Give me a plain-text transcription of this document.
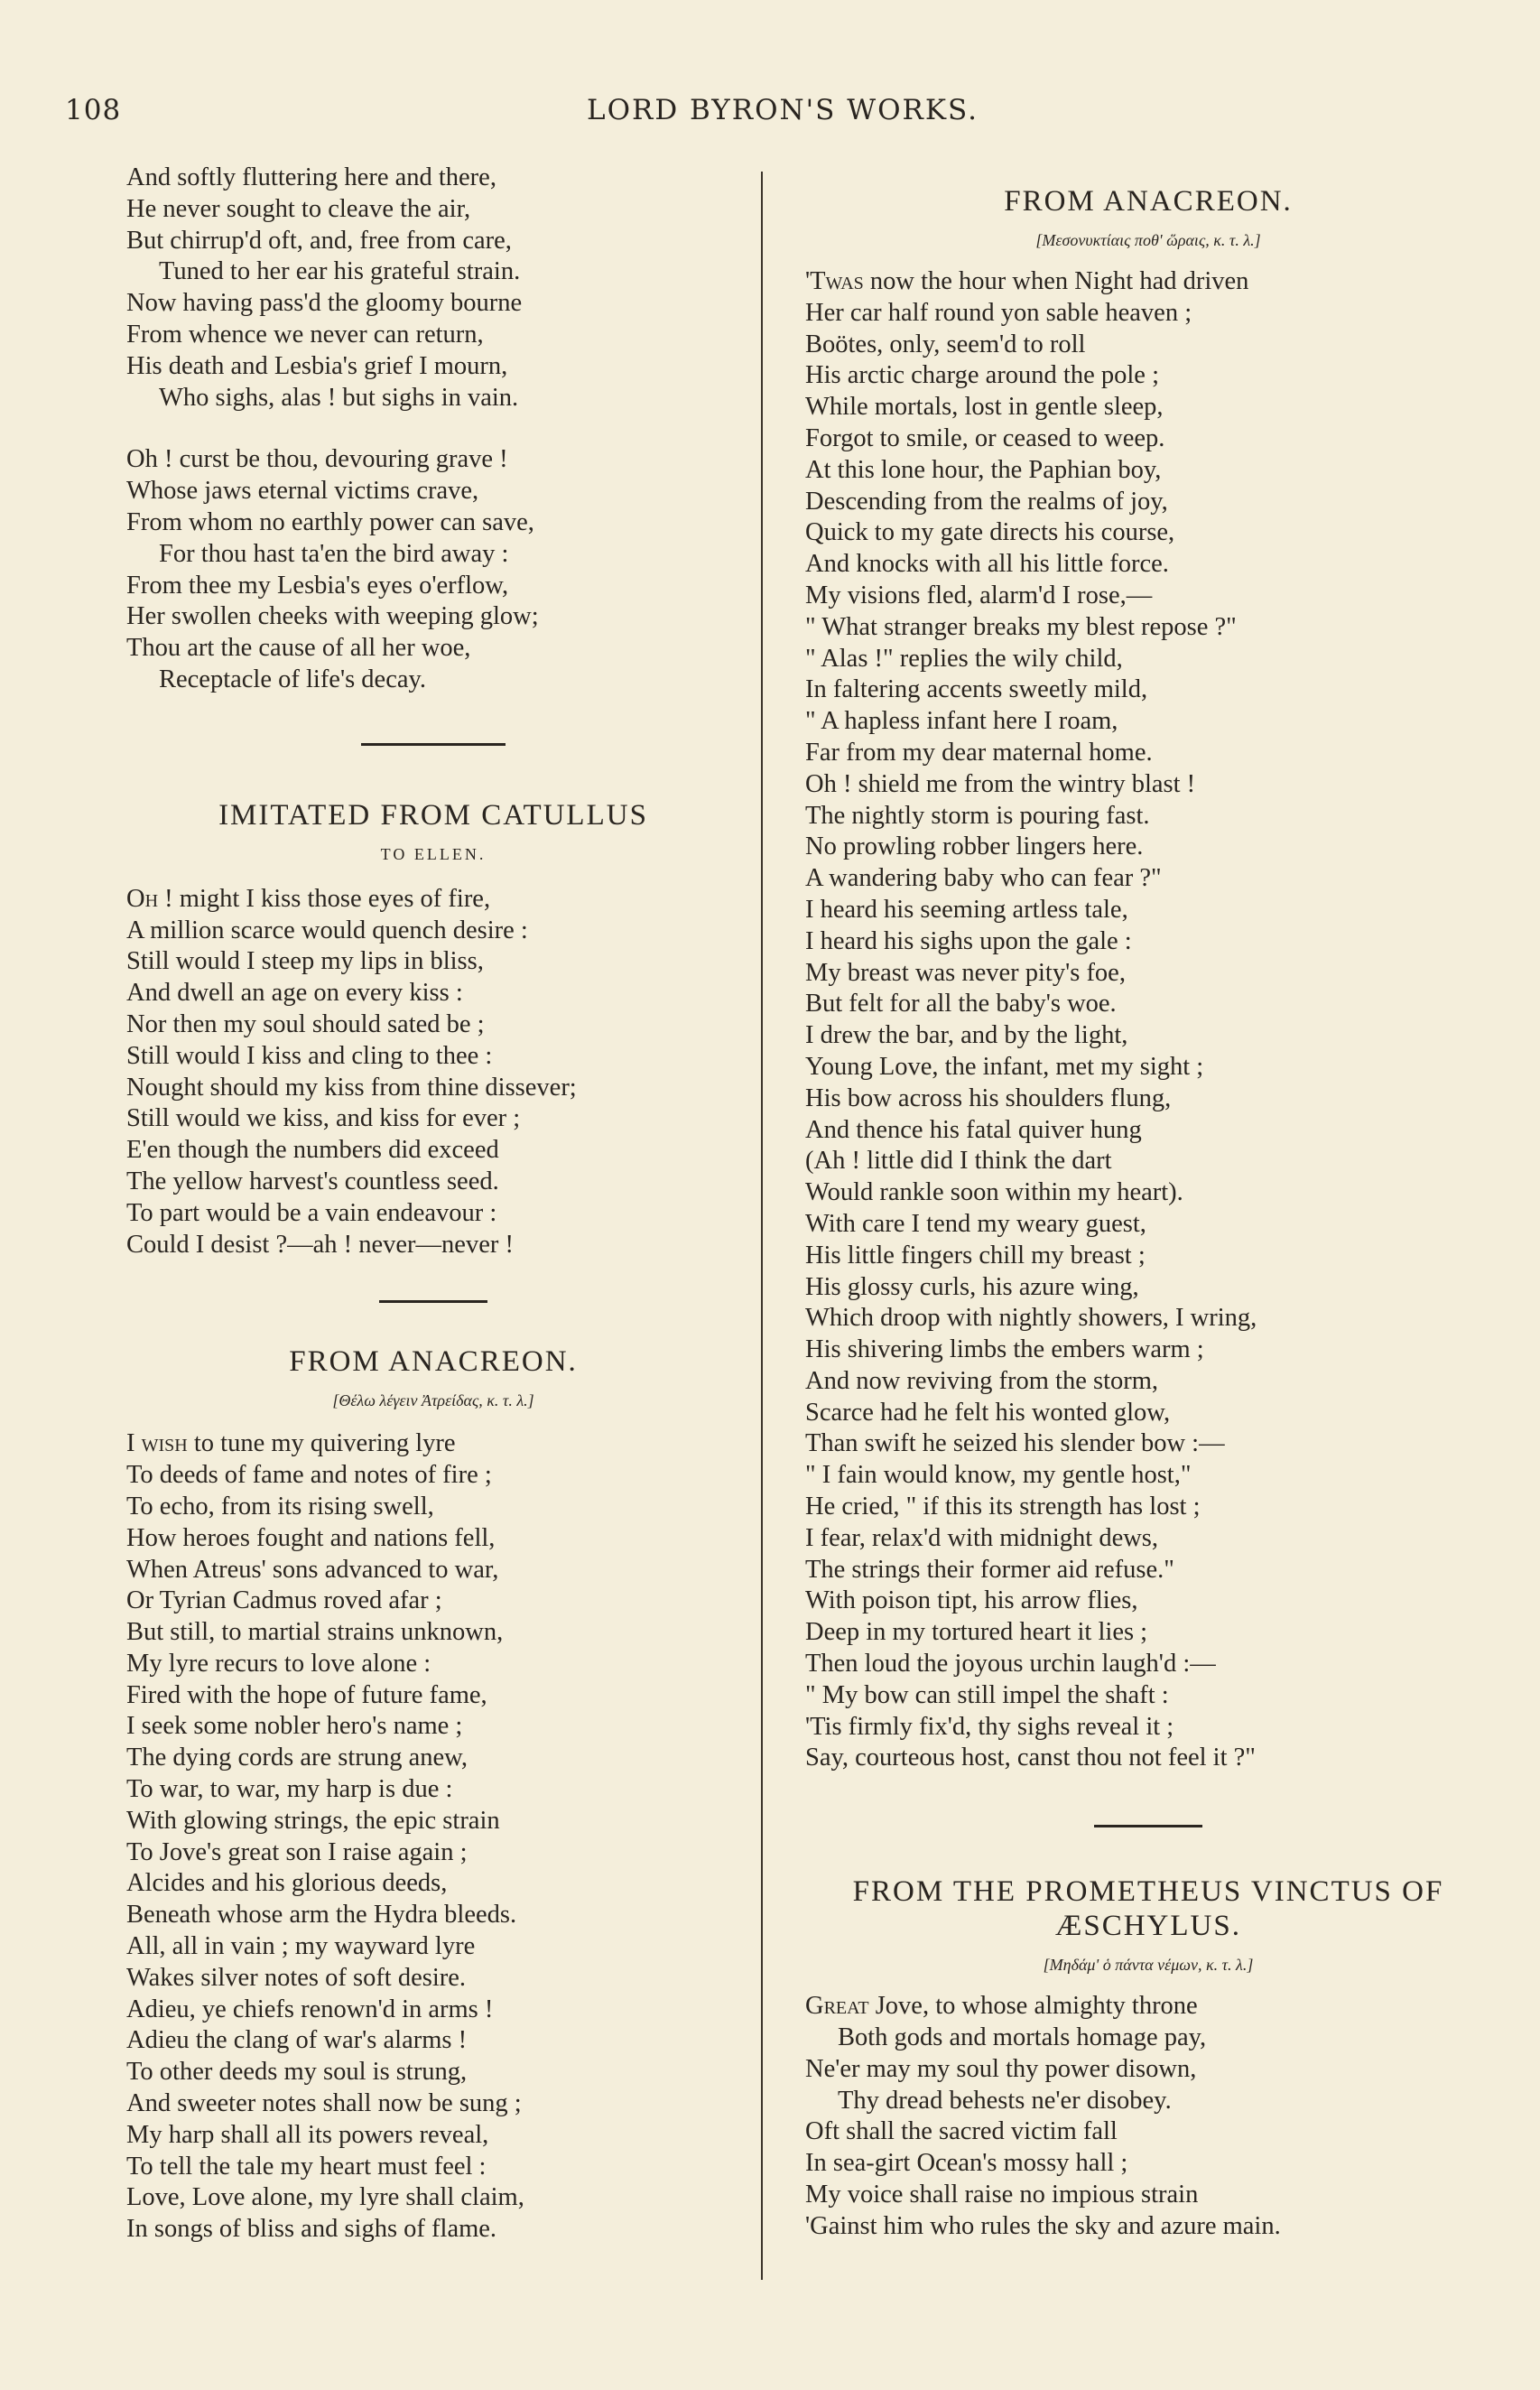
108	LORD BYRON'S WORKS.
And softly fluttering here and there,
He never sought to cleave the air,
But chirrup'd oft, and, free from care,
Tuned to her ear his grateful strain.
Now having pass'd the gloomy bourne
From whence we never can return,
His death and Lesbia's grief I mourn,
Who sighs, alas ! but sighs in vain.
Oh ! curst be thou, devouring grave !
Whose jaws eternal victims crave,
From whom no earthly power can save,
For thou hast ta'en the bird away :
From thee my Lesbia's eyes o'erflow,
Her swollen cheeks with weeping glow;
Thou art the cause of all her woe,
Receptacle of life's decay.
IMITATED FROM CATULLUS
TO ELLEN.
Oh ! might I kiss those eyes of fire,
A million scarce would quench desire :
Still would I steep my lips in bliss,
And dwell an age on every kiss :
Nor then my soul should sated be ;
Still would I kiss and cling to thee :
Nought should my kiss from thine dissever;
Still would we kiss, and kiss for ever ;
E'en though the numbers did exceed
The yellow harvest's countless seed.
To part would be a vain endeavour :
Could I desist ?—ah ! never—never !
FROM ANACREON.
[Θέλω λέγειν Ἀτρείδας, κ. τ. λ.]
I wish to tune my quivering lyre
To deeds of fame and notes of fire ;
To echo, from its rising swell,
How heroes fought and nations fell,
When Atreus' sons advanced to war,
Or Tyrian Cadmus roved afar ;
But still, to martial strains unknown,
My lyre recurs to love alone :
Fired with the hope of future fame,
I seek some nobler hero's name ;
The dying cords are strung anew,
To war, to war, my harp is due :
With glowing strings, the epic strain
To Jove's great son I raise again ;
Alcides and his glorious deeds,
Beneath whose arm the Hydra bleeds.
All, all in vain ; my wayward lyre
Wakes silver notes of soft desire.
Adieu, ye chiefs renown'd in arms !
Adieu the clang of war's alarms !
To other deeds my soul is strung,
And sweeter notes shall now be sung ;
My harp shall all its powers reveal,
To tell the tale my heart must feel :
Love, Love alone, my lyre shall claim,
In songs of bliss and sighs of flame.
FROM ANACREON.
[Μεσονυκτίαις ποθ' ὥραις, κ. τ. λ.]
'Twas now the hour when Night had driven
Her car half round yon sable heaven ;
Boötes, only, seem'd to roll
His arctic charge around the pole ;
While mortals, lost in gentle sleep,
Forgot to smile, or ceased to weep.
At this lone hour, the Paphian boy,
Descending from the realms of joy,
Quick to my gate directs his course,
And knocks with all his little force.
My visions fled, alarm'd I rose,—
" What stranger breaks my blest repose ?"
" Alas !" replies the wily child,
In faltering accents sweetly mild,
" A hapless infant here I roam,
Far from my dear maternal home.
Oh ! shield me from the wintry blast !
The nightly storm is pouring fast.
No prowling robber lingers here.
A wandering baby who can fear ?"
I heard his seeming artless tale,
I heard his sighs upon the gale :
My breast was never pity's foe,
But felt for all the baby's woe.
I drew the bar, and by the light,
Young Love, the infant, met my sight ;
His bow across his shoulders flung,
And thence his fatal quiver hung
(Ah ! little did I think the dart
Would rankle soon within my heart).
With care I tend my weary guest,
His little fingers chill my breast ;
His glossy curls, his azure wing,
Which droop with nightly showers, I wring,
His shivering limbs the embers warm ;
And now reviving from the storm,
Scarce had he felt his wonted glow,
Than swift he seized his slender bow :—
" I fain would know, my gentle host,"
He cried, " if this its strength has lost ;
I fear, relax'd with midnight dews,
The strings their former aid refuse."
With poison tipt, his arrow flies,
Deep in my tortured heart it lies ;
Then loud the joyous urchin laugh'd :—
" My bow can still impel the shaft :
'Tis firmly fix'd, thy sighs reveal it ;
Say, courteous host, canst thou not feel it ?"
FROM THE PROMETHEUS VINCTUS OF
ÆSCHYLUS.
[Μηδάμ' ὁ πάντα νέμων, κ. τ. λ.]
Great Jove, to whose almighty throne
Both gods and mortals homage pay,
Ne'er may my soul thy power disown,
Thy dread behests ne'er disobey.
Oft shall the sacred victim fall
In sea-girt Ocean's mossy hall ;
My voice shall raise no impious strain
'Gainst him who rules the sky and azure main.
